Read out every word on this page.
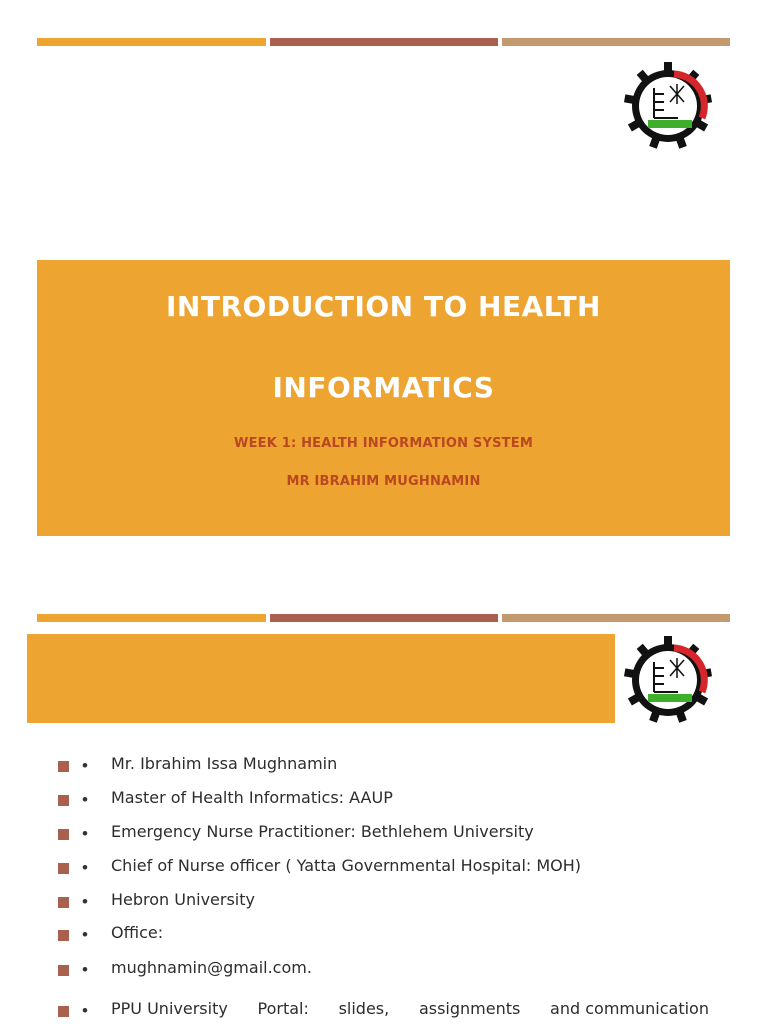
INTRODUCTION TO HEALTH
INFORMATICS
WEEK 1: HEALTH INFORMATION SYSTEM
MR IBRAHIM MUGHNAMIN
• Mr. Ibrahim Issa Mughnamin
• Master of Health Informatics: AAUP
• Emergency Nurse Practitioner: Bethlehem University
• Chief of Nurse officer ( Yatta Governmental Hospital: MOH)
• Hebron University
• Office:
• mughnamin@gmail.com.
• PPU University Portal: slides, assignments and communication
